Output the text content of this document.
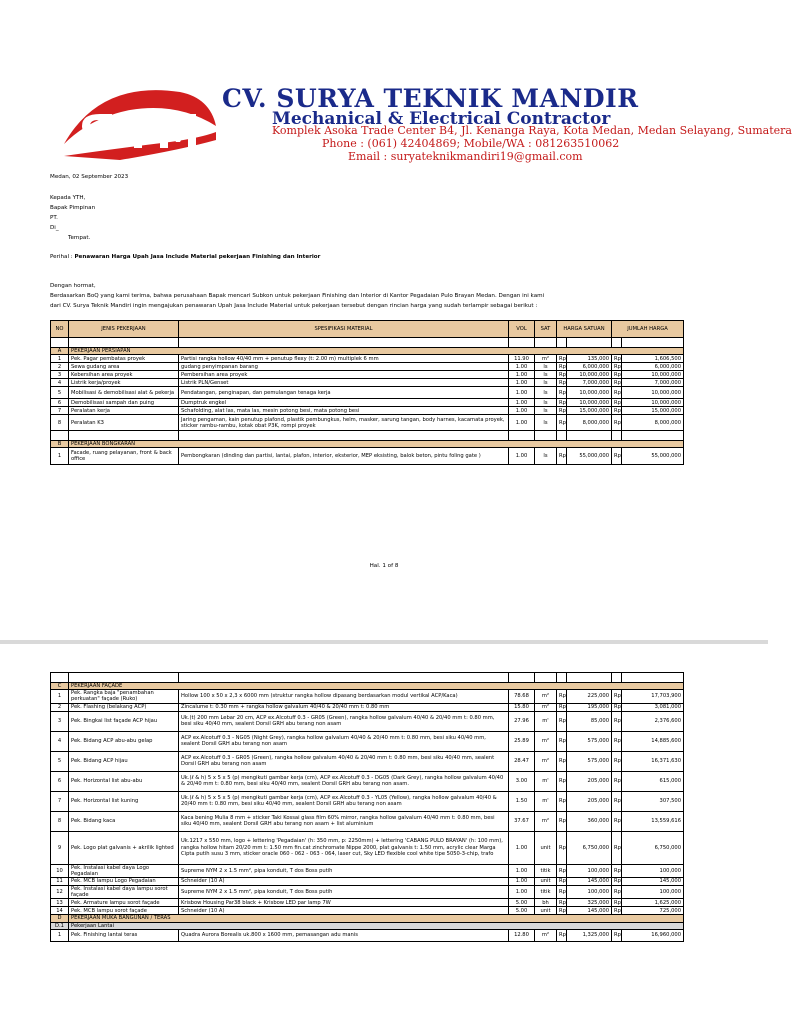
CV. SURYA TEKNIK MANDIR
Mechanical & Electrical Contractor
Komplek Asoka Trade Center B4, Jl. Kenanga Raya, Kota Medan, Medan Selayang, Sumatera
Phone : (061) 42404869; Mobile/WA : 081263510062
Email : suryateknikmandiri19@gmail.com
Medan, 02 September 2023
Kepada YTH,
Bapak Pimpinan
PT.
Di_
Tempat.
Perihal : Penawaran Harga Upah Jasa Include Material pekerjaan Finishing dan Interior
Dengan hormat,
Berdasarkan BoQ yang kami terima, bahwa perusahaan Bapak mencari Subkon untuk pekerjaan Finishing dan Interior di Kantor Pegadaian Pulo Brayan Medan. Dengan ini kami
dari CV. Surya Teknik Mandiri ingin mengajukan penawaran Upah Jasa Include Material untuk pekerjaan tersebut dengan rincian harga yang sudah terlampir sebagai berikut :
NO	JENIS PEKERJAAN	SPESIFIKASI MATERIAL	VOL	SAT	HARGA SATUAN		JUMLAH HARGA	

A	PEKERJAAN PERSIAPAN							
1	Pek. Pagar pembatas proyek	Partisi rangka hollow 40/40 mm + penutup flexy (t: 2.00 m) multiplek 6 mm	11.90	m²	Rp	135,000	Rp	1,606,500
2	Sewa gudang area	gudang penyimpanan barang	1.00	ls	Rp	6,000,000	Rp	6,000,000
3	Kebersihan area proyek	Pembersihan area proyek	1.00	ls	Rp	10,000,000	Rp	10,000,000
4	Listrik kerja/proyek	Listrik PLN/Genset	1.00	ls	Rp	7,000,000	Rp	7,000,000
5	Mobilisasi & demobilisasi alat & pekerja	Pendatangan, penginapan, dan pemulangan tenaga kerja	1.00	ls	Rp	10,000,000	Rp	10,000,000
6	Demobilisasi sampah dan puing	Dumptruk engkel	1.00	ls	Rp	10,000,000	Rp	10,000,000
7	Peralatan kerja	Schafolding, alat las, mata las, mesin potong besi, mata potong besi	1.00	ls	Rp	15,000,000	Rp	15,000,000
8	Peralatan K3	Jaring pengaman, kain penutup plafond, plastik pembungkus, helm, masker, sarung tangan, body harnes, kacamata proyek, sticker rambu-rambu, kotak obat P3K, rompi proyek	1.00	ls	Rp	8,000,000	Rp	8,000,000

B	PEKERJAAN BONGKARAN							
1	Facade, ruang pelayanan, front & back office	Pembongkaran (dinding dan partisi, lantai, plafon, interior, eksterior, MEP eksisting, balok beton, pintu foling gate )	1.00	ls	Rp	55,000,000	Rp	55,000,000
Hal. 1 of 8

C	PEKERJAAN FAÇADE							
1	Pek. Rangka baja "penambahan perkuatan" façade (Ruko)	Hollow 100 x 50 x 2,3 x 6000 mm (struktur rangka hollow dipasang berdasarkan modul vertikal ACP/Kaca)	78.68	m²	Rp	225,000	Rp	17,703,900
2	Pek. Flashing (belakang ACP)	Zincalume t: 0.30 mm + rangka hollow galvalum 40/40 & 20/40 mm t: 0.80 mm	15.80	m²	Rp	195,000	Rp	3,081,000
3	Pek. Bingkai list façade ACP hijau	Uk.(t) 200 mm Lebar 20 cm, ACP ex.Alcotuff 0.3 - GR05 (Green), rangka hollow galvalum 40/40 & 20/40 mm t: 0.80 mm, besi siku 40/40 mm, sealent Dorsil GRH abu terang non asam	27.96	m'	Rp	85,000	Rp	2,376,600
4	Pek. Bidang ACP abu-abu gelap	ACP ex.Alcotuff 0.3 - NG05 (Night Grey), rangka hollow galvalum 40/40 & 20/40 mm t: 0.80 mm, besi siku 40/40 mm, sealent Dorsil GRH abu terang non asam	25.89	m²	Rp	575,000	Rp	14,885,600
5	Pek. Bidang ACP hijau	ACP ex.Alcotuff 0.3 - GR05 (Green), rangka hollow galvalum 40/40 & 20/40 mm t: 0.80 mm, besi siku 40/40 mm, sealent Dorsil GRH abu terang non asam	28.47	m²	Rp	575,000	Rp	16,371,630
6	Pek. Horizontal list abu-abu	Uk.(ℓ & h) 5 x 5 x 5 (p) mengikuti gambar kerja (cm), ACP ex.Alcotuff 0.3 - DG05 (Dark Grey), rangka hollow galvalum 40/40 & 20/40 mm t: 0.80 mm, besi siku 40/40 mm, sealent Dorsil GRH abu terang non asam.	3.00	m'	Rp	205,000	Rp	615,000
7	Pek. Horizontal list kuning	Uk.(ℓ & h) 5 x 5 x 5 (p) mengikuti gambar kerja (cm), ACP ex.Alcotuff 0.3 - YL05 (Yellow), rangka hollow galvalum 40/40 & 20/40 mm t: 0.80 mm, besi siku 40/40 mm, sealent Dorsil GRH abu terang non asam	1.50	m'	Rp	205,000	Rp	307,500
8	Pek. Bidang kaca	Kaca bening Mulia 8 mm + sticker Taki Kossai glass film 60% mirror, rangka hollow galvalum 40/40 mm t: 0.80 mm, besi siku 40/40 mm, sealent Dorsil GRH abu terang non asam + list aluminium	37.67	m²	Rp	360,000	Rp	13,559,616
9	Pek. Logo plat galvanis + akrilik lighted	Uk.1217 x 550 mm, logo + lettering 'Pegadaian' (h: 350 mm, p: 2250mm) + lettering 'CABANG PULO BRAYAN' (h: 100 mm), rangka hollow hitam 20/20 mm t: 1.50 mm fin.cat zinchromate Nippe 2000, plat galvanis t: 1.50 mm, acrylic clear Marga Cipta putih susu 3 mm, sticker oracle 060 - 062 - 063 - 064, laser cut, Sky LED flexible cool white tipe 5050-3-chip, trafo	1.00	unit	Rp	6,750,000	Rp	6,750,000
10	Pek. Instalasi kabel daya Logo Pegadaian	Supreme NYM 2 x 1.5 mm², pipa konduit, T dos Boss putih	1.00	titik	Rp	100,000	Rp	100,000
11	Pek. MCB lampu Logo Pegadaian	Schneider (10 A)	1.00	unit	Rp	145,000	Rp	145,000
12	Pek. Instalasi kabel daya lampu sorot façade	Supreme NYM 2 x 1.5 mm², pipa konduit, T dos Boss putih	1.00	titik	Rp	100,000	Rp	100,000
13	Pek. Armature lampu sorot façade	Krisbow Housing Par38 black + Krisbow LED par lamp 7W	5.00	bh	Rp	325,000	Rp	1,625,000
14	Pek. MCB lampu sorot façade	Schneider (10 A)	5.00	unit	Rp	145,000	Rp	725,000
D	PEKERJAAN MUKA BANGUNAN / TERAS							
D.1	Pekerjaan Lantai							
1	Pek. Finishing lantai teras	Quadra Aurora Borealis uk.800 x 1600 mm, pemasangan adu manis	12.80	m²	Rp	1,325,000	Rp	16,960,000
